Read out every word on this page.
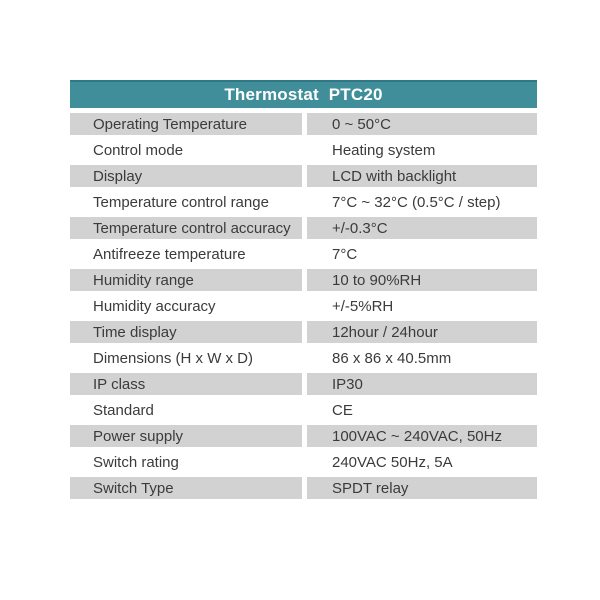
Thermostat  PTC20
Operating Temperature	0 ~ 50°C
Control mode	Heating system
Display	LCD with backlight
Temperature control range	7°C ~ 32°C (0.5°C / step)
Temperature control accuracy	+/-0.3°C
Antifreeze temperature	7°C
Humidity range	10 to 90%RH
Humidity accuracy	+/-5%RH
Time display	12hour / 24hour
Dimensions (H x W x D)	86 x 86 x 40.5mm
IP class	IP30
Standard	CE
Power supply	100VAC ~ 240VAC, 50Hz
Switch rating	240VAC 50Hz, 5A
Switch Type	SPDT relay
